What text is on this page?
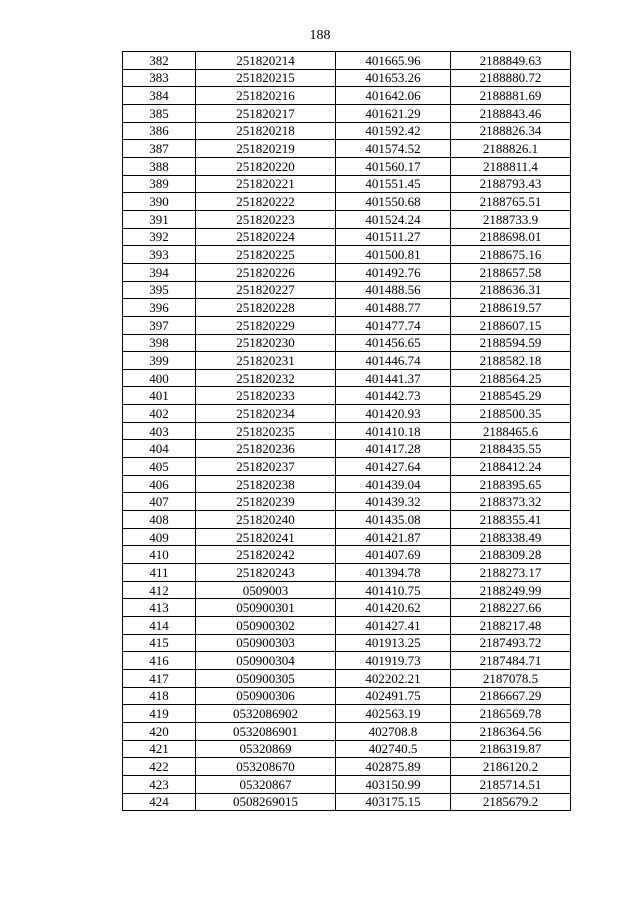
188
382	251820214	401665.96	2188849.63
383	251820215	401653.26	2188880.72
384	251820216	401642.06	2188881.69
385	251820217	401621.29	2188843.46
386	251820218	401592.42	2188826.34
387	251820219	401574.52	2188826.1
388	251820220	401560.17	2188811.4
389	251820221	401551.45	2188793.43
390	251820222	401550.68	2188765.51
391	251820223	401524.24	2188733.9
392	251820224	401511.27	2188698.01
393	251820225	401500.81	2188675.16
394	251820226	401492.76	2188657.58
395	251820227	401488.56	2188636.31
396	251820228	401488.77	2188619.57
397	251820229	401477.74	2188607.15
398	251820230	401456.65	2188594.59
399	251820231	401446.74	2188582.18
400	251820232	401441.37	2188564.25
401	251820233	401442.73	2188545.29
402	251820234	401420.93	2188500.35
403	251820235	401410.18	2188465.6
404	251820236	401417.28	2188435.55
405	251820237	401427.64	2188412.24
406	251820238	401439.04	2188395.65
407	251820239	401439.32	2188373.32
408	251820240	401435.08	2188355.41
409	251820241	401421.87	2188338.49
410	251820242	401407.69	2188309.28
411	251820243	401394.78	2188273.17
412	0509003	401410.75	2188249.99
413	050900301	401420.62	2188227.66
414	050900302	401427.41	2188217.48
415	050900303	401913.25	2187493.72
416	050900304	401919.73	2187484.71
417	050900305	402202.21	2187078.5
418	050900306	402491.75	2186667.29
419	0532086902	402563.19	2186569.78
420	0532086901	402708.8	2186364.56
421	05320869	402740.5	2186319.87
422	053208670	402875.89	2186120.2
423	05320867	403150.99	2185714.51
424	0508269015	403175.15	2185679.2
